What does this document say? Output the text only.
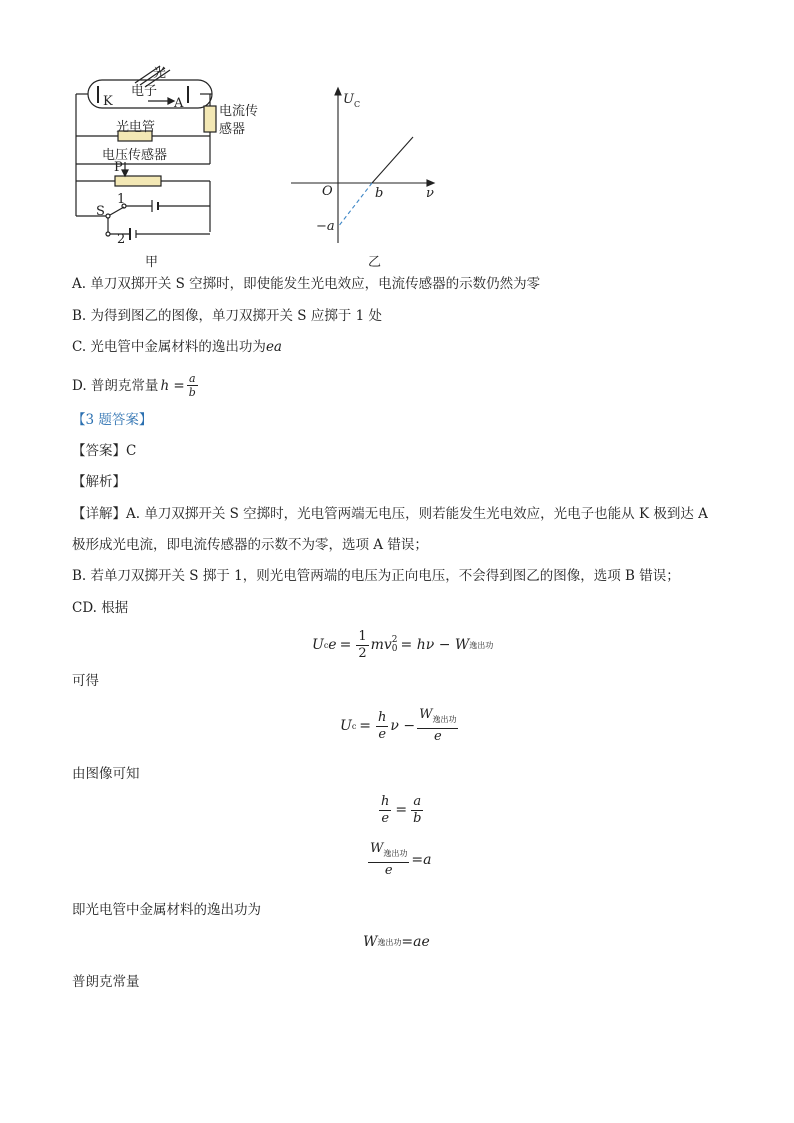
光
电子
K	A
电流传
感器
光电管
电压传感器
P
1
S
2
甲
$U_C$
O	b	ν
−a
乙
A. 单刀双掷开关 S 空掷时，即使能发生光电效应，电流传感器的示数仍然为零
B. 为得到图乙的图像，单刀双掷开关 S 应掷于 1 处
C. 光电管中金属材料的逸出功为ea
D. 普朗克常量 $h = \frac{a}{b}$
【3 题答案】
【答案】C
【解析】
【详解】A. 单刀双掷开关 S 空掷时，光电管两端无电压，则若能发生光电效应，光电子也能从 K 极到达 A
极形成光电流，即电流传感器的示数不为零，选项 A 错误；
B. 若单刀双掷开关 S 掷于 1，则光电管两端的电压为正向电压，不会得到图乙的图像，选项 B 错误；
CD. 根据
U c $e = \frac{1}{2}$ mv 2
0 = hν − W 逸出功
可得
U $c = \frac{h}{e}$ $\nu - \frac{W_{逸出功}}{e}$
由图像可知
$\frac{h}{e} = \frac{a}{b}$
$\frac{W_{逸出功}}{e} =a$
即光电管中金属材料的逸出功为
W 逸出功 =ae
普朗克常量
